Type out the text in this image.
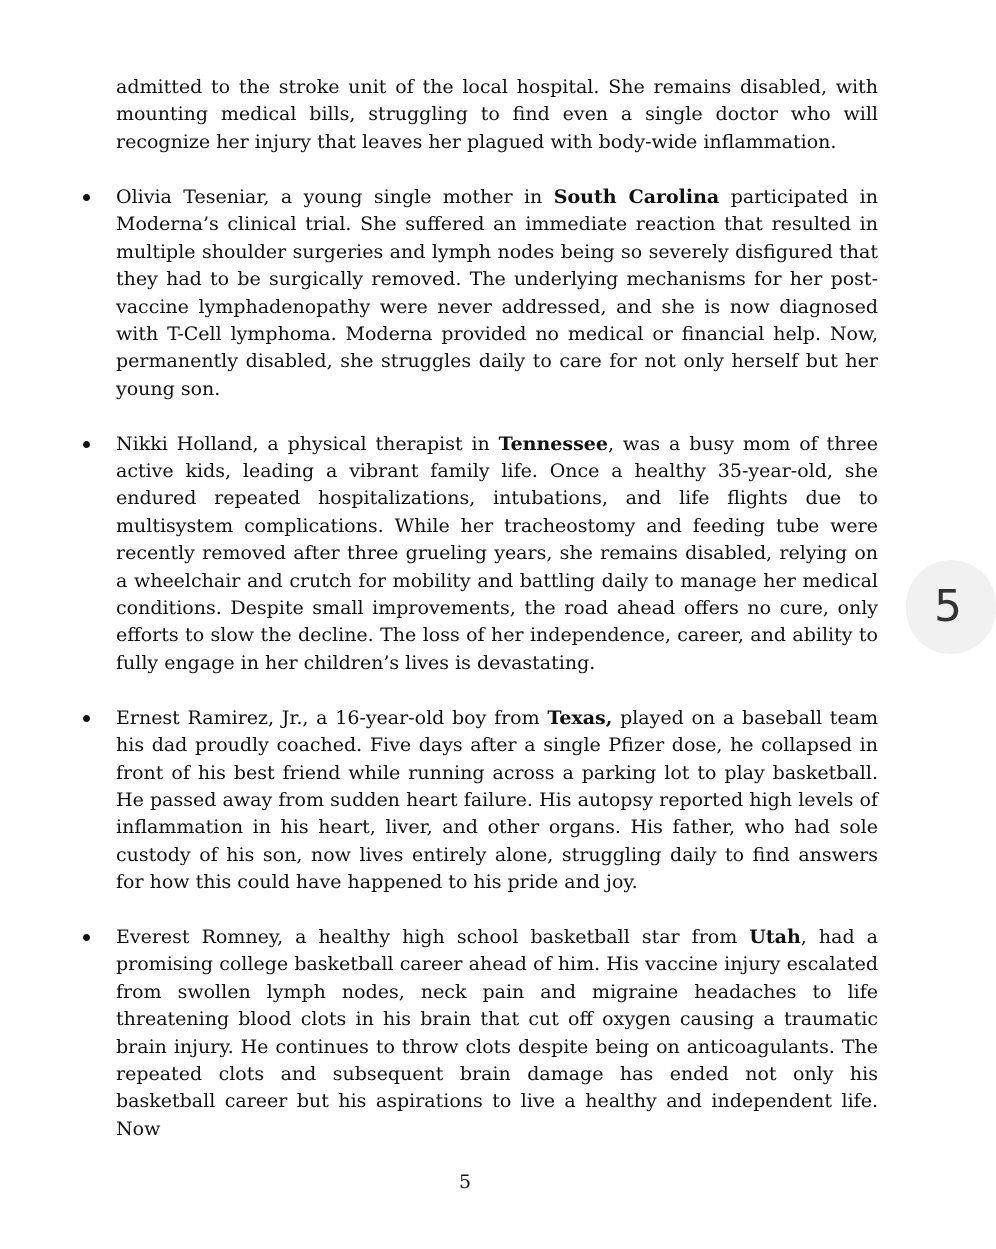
admitted to the stroke unit of the local hospital. She remains disabled, with mounting medical bills, struggling to find even a single doctor who will recognize her injury that leaves her plagued with body-wide inflammation.

Olivia Teseniar, a young single mother in South Carolina participated in Moderna’s clinical trial. She suffered an immediate reaction that resulted in multiple shoulder surgeries and lymph nodes being so severely disfigured that they had to be surgically removed. The underlying mechanisms for her post-vaccine lymphadenopathy were never addressed, and she is now diagnosed with T-Cell lymphoma. Moderna provided no medical or financial help. Now, permanently disabled, she struggles daily to care for not only herself but her young son.
Nikki Holland, a physical therapist in Tennessee, was a busy mom of three active kids, leading a vibrant family life. Once a healthy 35-year-old, she endured repeated hospitalizations, intubations, and life flights due to multisystem complications. While her tracheostomy and feeding tube were recently removed after three grueling years, she remains disabled, relying on a wheelchair and crutch for mobility and battling daily to manage her medical conditions. Despite small improvements, the road ahead offers no cure, only efforts to slow the decline. The loss of her independence, career, and ability to fully engage in her children’s lives is devastating.
Ernest Ramirez, Jr., a 16-year-old boy from Texas, played on a baseball team his dad proudly coached. Five days after a single Pfizer dose, he collapsed in front of his best friend while running across a parking lot to play basketball. He passed away from sudden heart failure. His autopsy reported high levels of inflammation in his heart, liver, and other organs. His father, who had sole custody of his son, now lives entirely alone, struggling daily to find answers for how this could have happened to his pride and joy.
Everest Romney, a healthy high school basketball star from Utah, had a promising college basketball career ahead of him. His vaccine injury escalated from swollen lymph nodes, neck pain and migraine headaches to life threatening blood clots in his brain that cut off oxygen causing a traumatic brain injury. He continues to throw clots despite being on anticoagulants. The repeated clots and subsequent brain damage has ended not only his basketball career but his aspirations to live a healthy and independent life. Now
5
5
